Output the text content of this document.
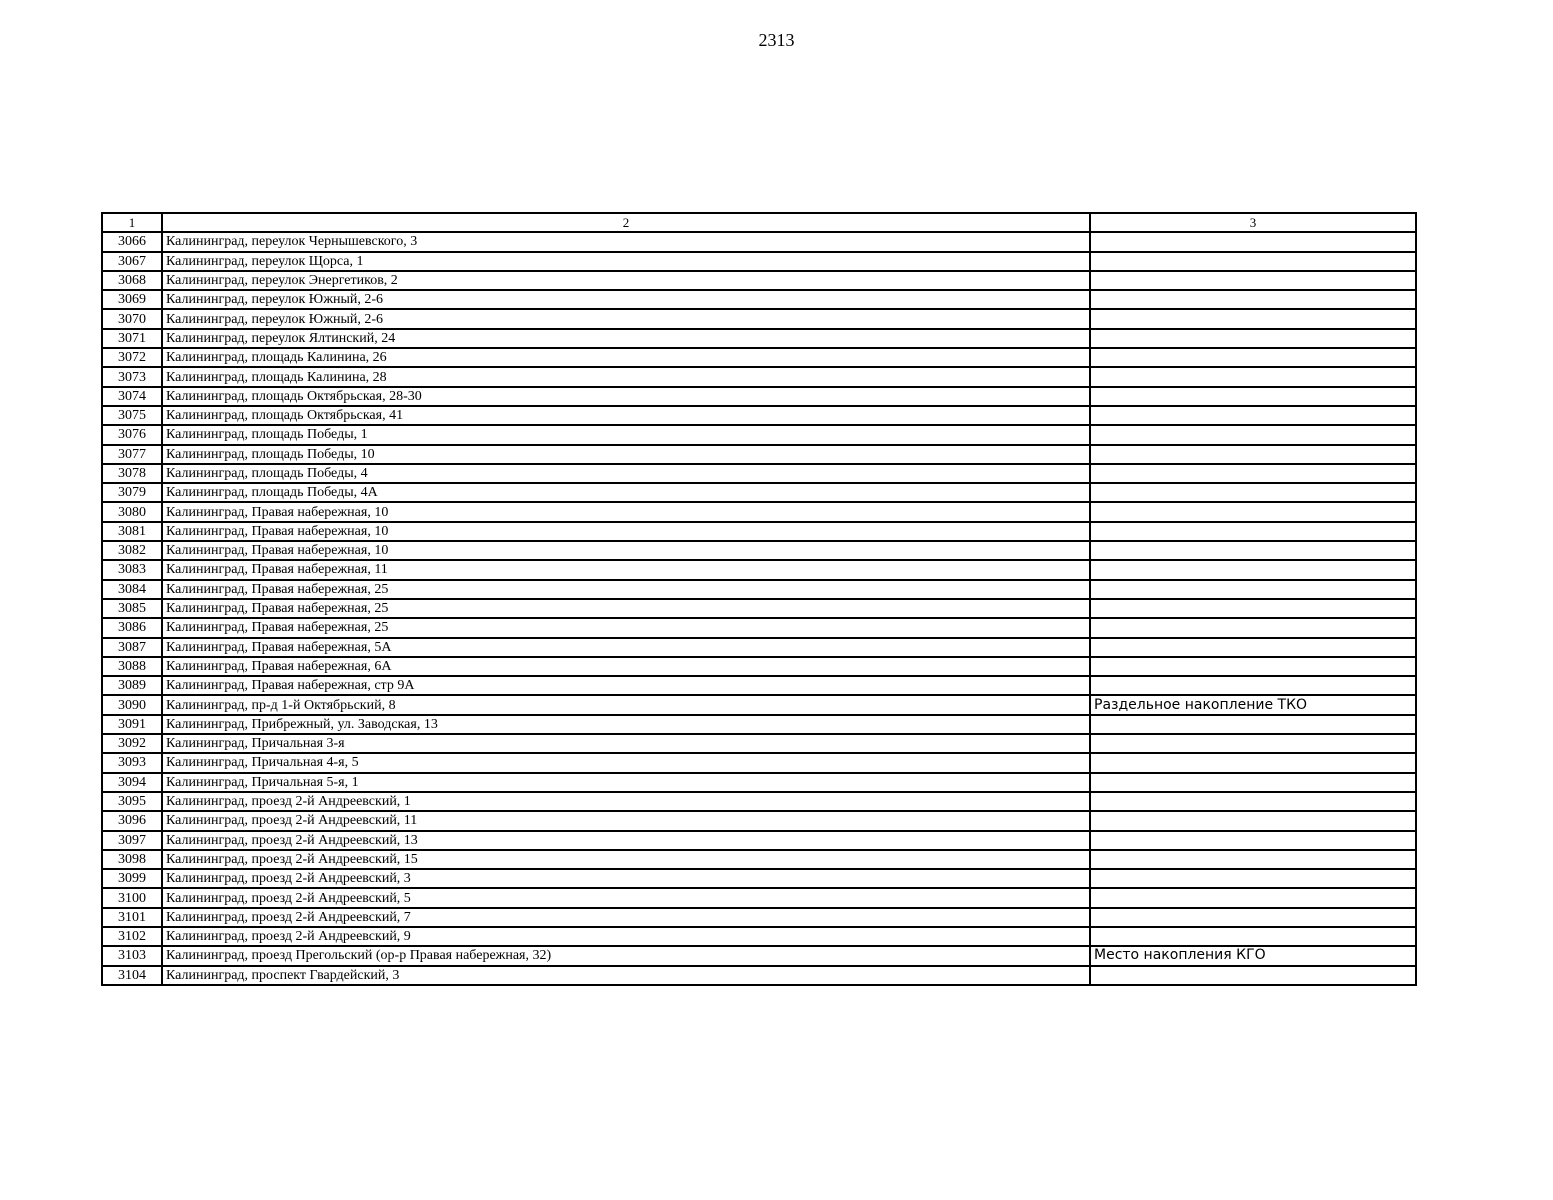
2313
1	2	3
3066	Калининград, переулок Чернышевского, 3	
3067	Калининград, переулок Щорса, 1	
3068	Калининград, переулок Энергетиков, 2	
3069	Калининград, переулок Южный, 2-6	
3070	Калининград, переулок Южный, 2-6	
3071	Калининград, переулок Ялтинский, 24	
3072	Калининград, площадь Калинина, 26	
3073	Калининград, площадь Калинина, 28	
3074	Калининград, площадь Октябрьская, 28-30	
3075	Калининград, площадь Октябрьская, 41	
3076	Калининград, площадь Победы, 1	
3077	Калининград, площадь Победы, 10	
3078	Калининград, площадь Победы, 4	
3079	Калининград, площадь Победы, 4А	
3080	Калининград, Правая набережная, 10	
3081	Калининград, Правая набережная, 10	
3082	Калининград, Правая набережная, 10	
3083	Калининград, Правая набережная, 11	
3084	Калининград, Правая набережная, 25	
3085	Калининград, Правая набережная, 25	
3086	Калининград, Правая набережная, 25	
3087	Калининград, Правая набережная, 5А	
3088	Калининград, Правая набережная, 6А	
3089	Калининград, Правая набережная, стр 9А	
3090	Калининград, пр-д 1-й Октябрьский, 8	Раздельное накопление ТКО
3091	Калининград, Прибрежный, ул. Заводская, 13	
3092	Калининград, Причальная 3-я	
3093	Калининград, Причальная 4-я, 5	
3094	Калининград, Причальная 5-я, 1	
3095	Калининград, проезд 2-й Андреевский, 1	
3096	Калининград, проезд 2-й Андреевский, 11	
3097	Калининград, проезд 2-й Андреевский, 13	
3098	Калининград, проезд 2-й Андреевский, 15	
3099	Калининград, проезд 2-й Андреевский, 3	
3100	Калининград, проезд 2-й Андреевский, 5	
3101	Калининград, проезд 2-й Андреевский, 7	
3102	Калининград, проезд 2-й Андреевский, 9	
3103	Калининград, проезд Прегольский (ор-р Правая набережная, 32)	Место накопления КГО
3104	Калининград, проспект Гвардейский, 3	
